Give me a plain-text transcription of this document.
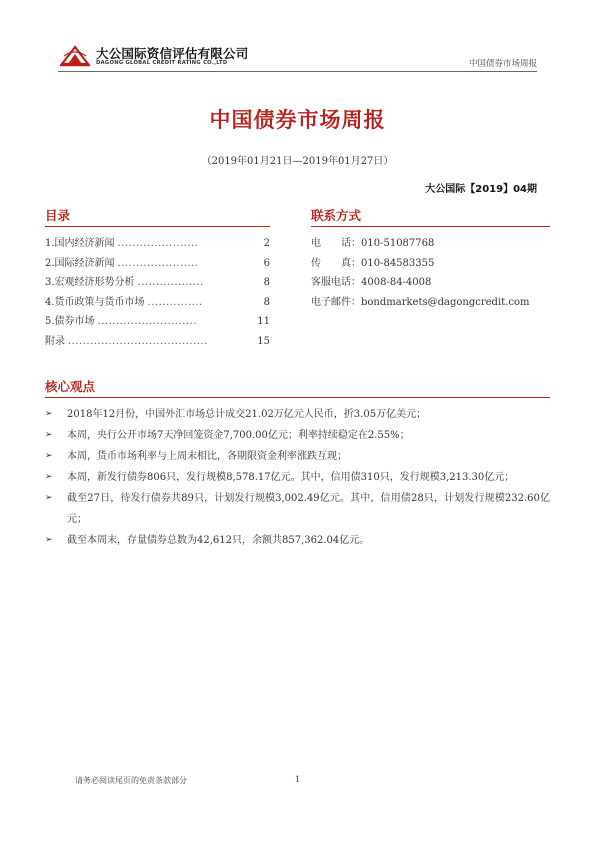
大公国际资信评估有限公司
DAGONG GLOBAL CREDIT RATING CO.,LTD	中国债券市场周报
中国债券市场周报
（2019年01月21日—2019年01月27日）
大公国际【2019】04期
目录	联系方式
1.国内经济新闻 ......................	2
2.国际经济新闻 ......................	6
3.宏观经济形势分析 ..................	8
4.货币政策与货币市场 ...............	8
5.债券市场 ...........................	11
附录 ......................................	15
电　　话： 010-51087768
传　　真： 010-84583355
客服电话： 4008-84-4008
电子邮件： bondmarkets@dagongcredit.com
核心观点
➢	2018年12月份，中国外汇市场总计成交21.02万亿元人民币，折3.05万亿美元；
➢	本周，央行公开市场7天净回笼资金7,700.00亿元；利率持续稳定在2.55%；
➢	本周，货币市场利率与上周末相比，各期限资金利率涨跌互现；
➢	本周，新发行债券806只，发行规模8,578.17亿元。其中，信用债310只，发行规模3,213.30亿元；
➢	截至27日，待发行债券共89只，计划发行规模3,002.49亿元。其中，信用债28只，计划发行规模232.60亿元；
➢	截至本周末，存量债券总数为42,612只，余额共857,362.04亿元。
请务必阅读尾页的免责条款部分	1
